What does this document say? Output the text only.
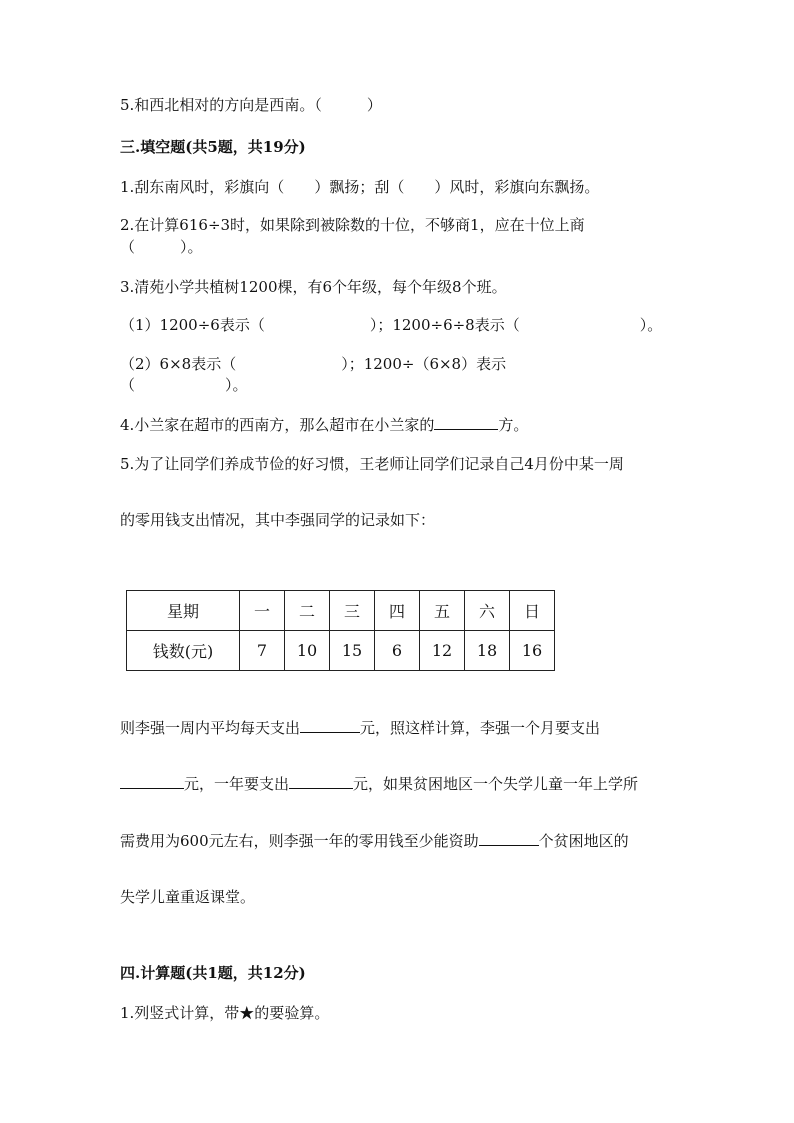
5.和西北相对的方向是西南。（　　　）
三.填空题(共5题，共19分)
1.刮东南风时，彩旗向（　　）飘扬；刮（　　）风时，彩旗向东飘扬。
2.在计算616÷3时，如果除到被除数的十位，不够商1，应在十位上商
（　　　）。
3.清苑小学共植树1200棵，有6个年级，每个年级8个班。
（1）1200÷6表示（　　　　　　　）；1200÷6÷8表示（　　　　　　　　）。
（2）6×8表示（　　　　　　　）；1200÷（6×8）表示
（　　　　　　）。
4.小兰家在超市的西南方，那么超市在小兰家的	方。
5.为了让同学们养成节俭的好习惯，王老师让同学们记录自己4月份中某一周
的零用钱支出情况，其中李强同学的记录如下：
星期	一	二	三	四	五	六	日
钱数(元)	7	10	15	6	12	18	16
则李强一周内平均每天支出	元，照这样计算，李强一个月要支出
元，一年要支出	元，如果贫困地区一个失学儿童一年上学所
需费用为600元左右，则李强一年的零用钱至少能资助	个贫困地区的
失学儿童重返课堂。
四.计算题(共1题，共12分)
1.列竖式计算，带★的要验算。
